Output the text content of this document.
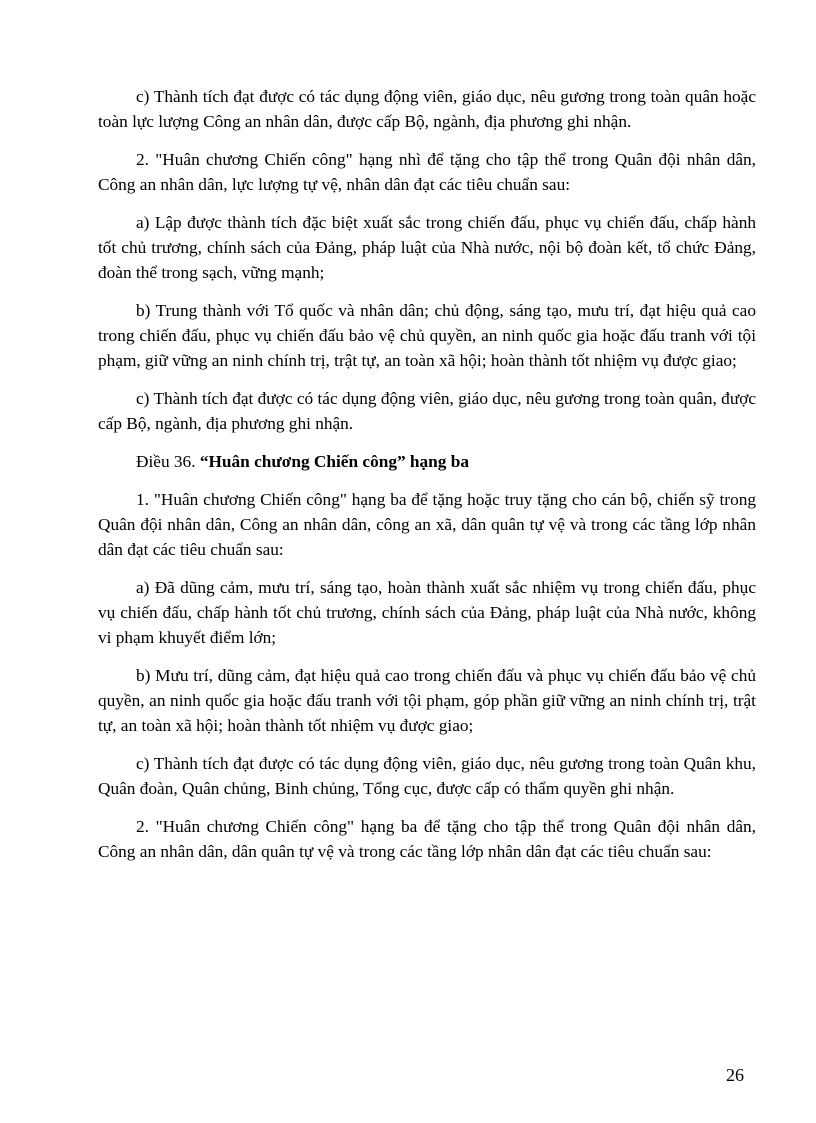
c) Thành tích đạt được có tác dụng động viên, giáo dục, nêu gương trong toàn quân hoặc toàn lực lượng Công an nhân dân, được cấp Bộ, ngành, địa phương ghi nhận.

2. "Huân chương Chiến công" hạng nhì để tặng cho tập thể trong Quân đội nhân dân, Công an nhân dân, lực lượng tự vệ, nhân dân đạt các tiêu chuẩn sau:

a) Lập được thành tích đặc biệt xuất sắc trong chiến đấu, phục vụ chiến đấu, chấp hành tốt chủ trương, chính sách của Đảng, pháp luật của Nhà nước, nội bộ đoàn kết, tổ chức Đảng, đoàn thể trong sạch, vững mạnh;

b) Trung thành với Tổ quốc và nhân dân; chủ động, sáng tạo, mưu trí, đạt hiệu quả cao trong chiến đấu, phục vụ chiến đấu bảo vệ chủ quyền, an ninh quốc gia hoặc đấu tranh với tội phạm, giữ vững an ninh chính trị, trật tự, an toàn xã hội; hoàn thành tốt nhiệm vụ được giao;

c) Thành tích đạt được có tác dụng động viên, giáo dục, nêu gương trong toàn quân, được cấp Bộ, ngành, địa phương ghi nhận.

Điều 36. “Huân chương Chiến công” hạng ba

1. "Huân chương Chiến công" hạng ba để tặng hoặc truy tặng cho cán bộ, chiến sỹ trong Quân đội nhân dân, Công an nhân dân, công an xã, dân quân tự vệ và trong các tầng lớp nhân dân đạt các tiêu chuẩn sau:

a) Đã dũng cảm, mưu trí, sáng tạo, hoàn thành xuất sắc nhiệm vụ trong chiến đấu, phục vụ chiến đấu, chấp hành tốt chủ trương, chính sách của Đảng, pháp luật của Nhà nước, không vi phạm khuyết điểm lớn;

b) Mưu trí, dũng cảm, đạt hiệu quả cao trong chiến đấu và phục vụ chiến đấu bảo vệ chủ quyền, an ninh quốc gia hoặc đấu tranh với tội phạm, góp phần giữ vững an ninh chính trị, trật tự, an toàn xã hội; hoàn thành tốt nhiệm vụ được giao;

c) Thành tích đạt được có tác dụng động viên, giáo dục, nêu gương trong toàn Quân khu, Quân đoàn, Quân chủng, Binh chủng, Tổng cục, được cấp có thẩm quyền ghi nhận.

2. "Huân chương Chiến công" hạng ba để tặng cho tập thể trong Quân đội nhân dân, Công an nhân dân, dân quân tự vệ và trong các tầng lớp nhân dân đạt các tiêu chuẩn sau:

26
